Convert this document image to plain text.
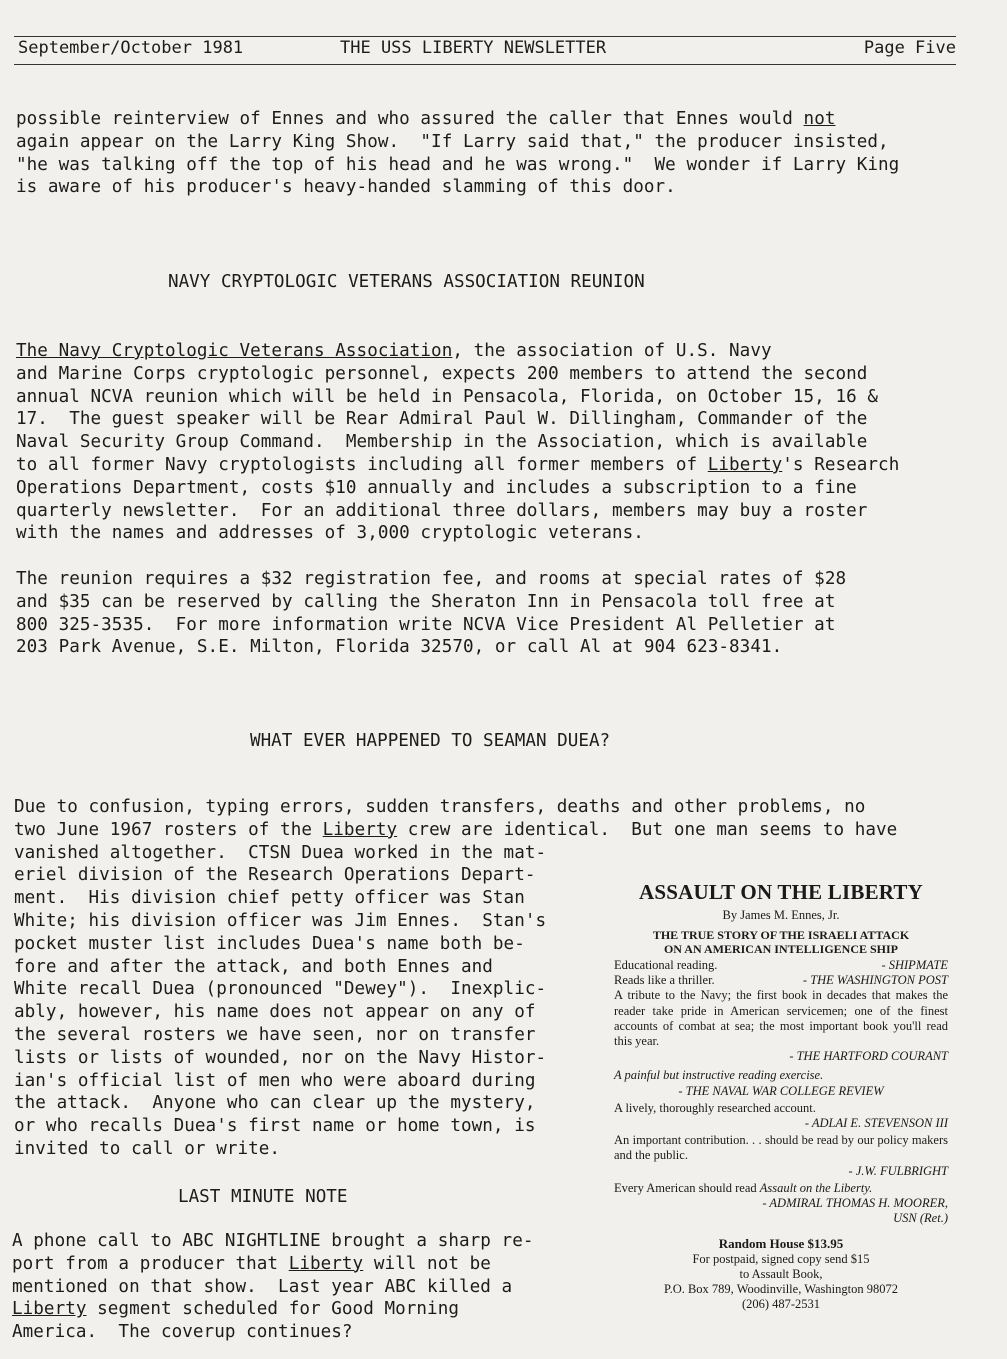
September/October 1981	THE USS LIBERTY NEWSLETTER	Page Five
possible reinterview of Ennes and who assured the caller that Ennes would not
again appear on the Larry King Show.  "If Larry said that," the producer insisted,
"he was talking off the top of his head and he was wrong."  We wonder if Larry King
is aware of his producer's heavy-handed slamming of this door.
NAVY CRYPTOLOGIC VETERANS ASSOCIATION REUNION
The Navy Cryptologic Veterans Association, the association of U.S. Navy
and Marine Corps cryptologic personnel, expects 200 members to attend the second
annual NCVA reunion which will be held in Pensacola, Florida, on October 15, 16 &
17.  The guest speaker will be Rear Admiral Paul W. Dillingham, Commander of the
Naval Security Group Command.  Membership in the Association, which is available
to all former Navy cryptologists including all former members of Liberty's Research
Operations Department, costs $10 annually and includes a subscription to a fine
quarterly newsletter.  For an additional three dollars, members may buy a roster
with the names and addresses of 3,000 cryptologic veterans.
The reunion requires a $32 registration fee, and rooms at special rates of $28
and $35 can be reserved by calling the Sheraton Inn in Pensacola toll free at
800 325-3535.  For more information write NCVA Vice President Al Pelletier at
203 Park Avenue, S.E. Milton, Florida 32570, or call Al at 904 623-8341.
WHAT EVER HAPPENED TO SEAMAN DUEA?
Due to confusion, typing errors, sudden transfers, deaths and other problems, no
two June 1967 rosters of the Liberty crew are identical.  But one man seems to have
vanished altogether.  CTSN Duea worked in the mat-
eriel division of the Research Operations Depart-
ment.  His division chief petty officer was Stan
White; his division officer was Jim Ennes.  Stan's
pocket muster list includes Duea's name both be-
fore and after the attack, and both Ennes and
White recall Duea (pronounced "Dewey").  Inexplic-
ably, however, his name does not appear on any of
the several rosters we have seen, nor on transfer
lists or lists of wounded, nor on the Navy Histor-
ian's official list of men who were aboard during
the attack.  Anyone who can clear up the mystery,
or who recalls Duea's first name or home town, is
invited to call or write.
LAST MINUTE NOTE
A phone call to ABC NIGHTLINE brought a sharp re-
port from a producer that Liberty will not be
mentioned on that show.  Last year ABC killed a
Liberty segment scheduled for Good Morning
America.  The coverup continues?
ASSAULT ON THE LIBERTY
By James M. Ennes, Jr.
THE TRUE STORY OF THE ISRAELI ATTACK
ON AN AMERICAN INTELLIGENCE SHIP
Educational reading.	- SHIPMATE
Reads like a thriller.	- THE WASHINGTON POST
A tribute to the Navy; the first book in decades that makes the reader take pride in American servicemen; one of the finest accounts of combat at sea; the most important book you'll read this year.
- THE HARTFORD COURANT
A painful but instructive reading exercise.
- THE NAVAL WAR COLLEGE REVIEW
A lively, thoroughly researched account.
- ADLAI E. STEVENSON III
An important contribution. . . should be read by our policy makers and the public.
- J.W. FULBRIGHT
Every American should read Assault on the Liberty.
- ADMIRAL THOMAS H. MOORER,
USN (Ret.)
Random House $13.95
For postpaid, signed copy send $15
to Assault Book,
P.O. Box 789, Woodinville, Washington 98072
(206) 487-2531
